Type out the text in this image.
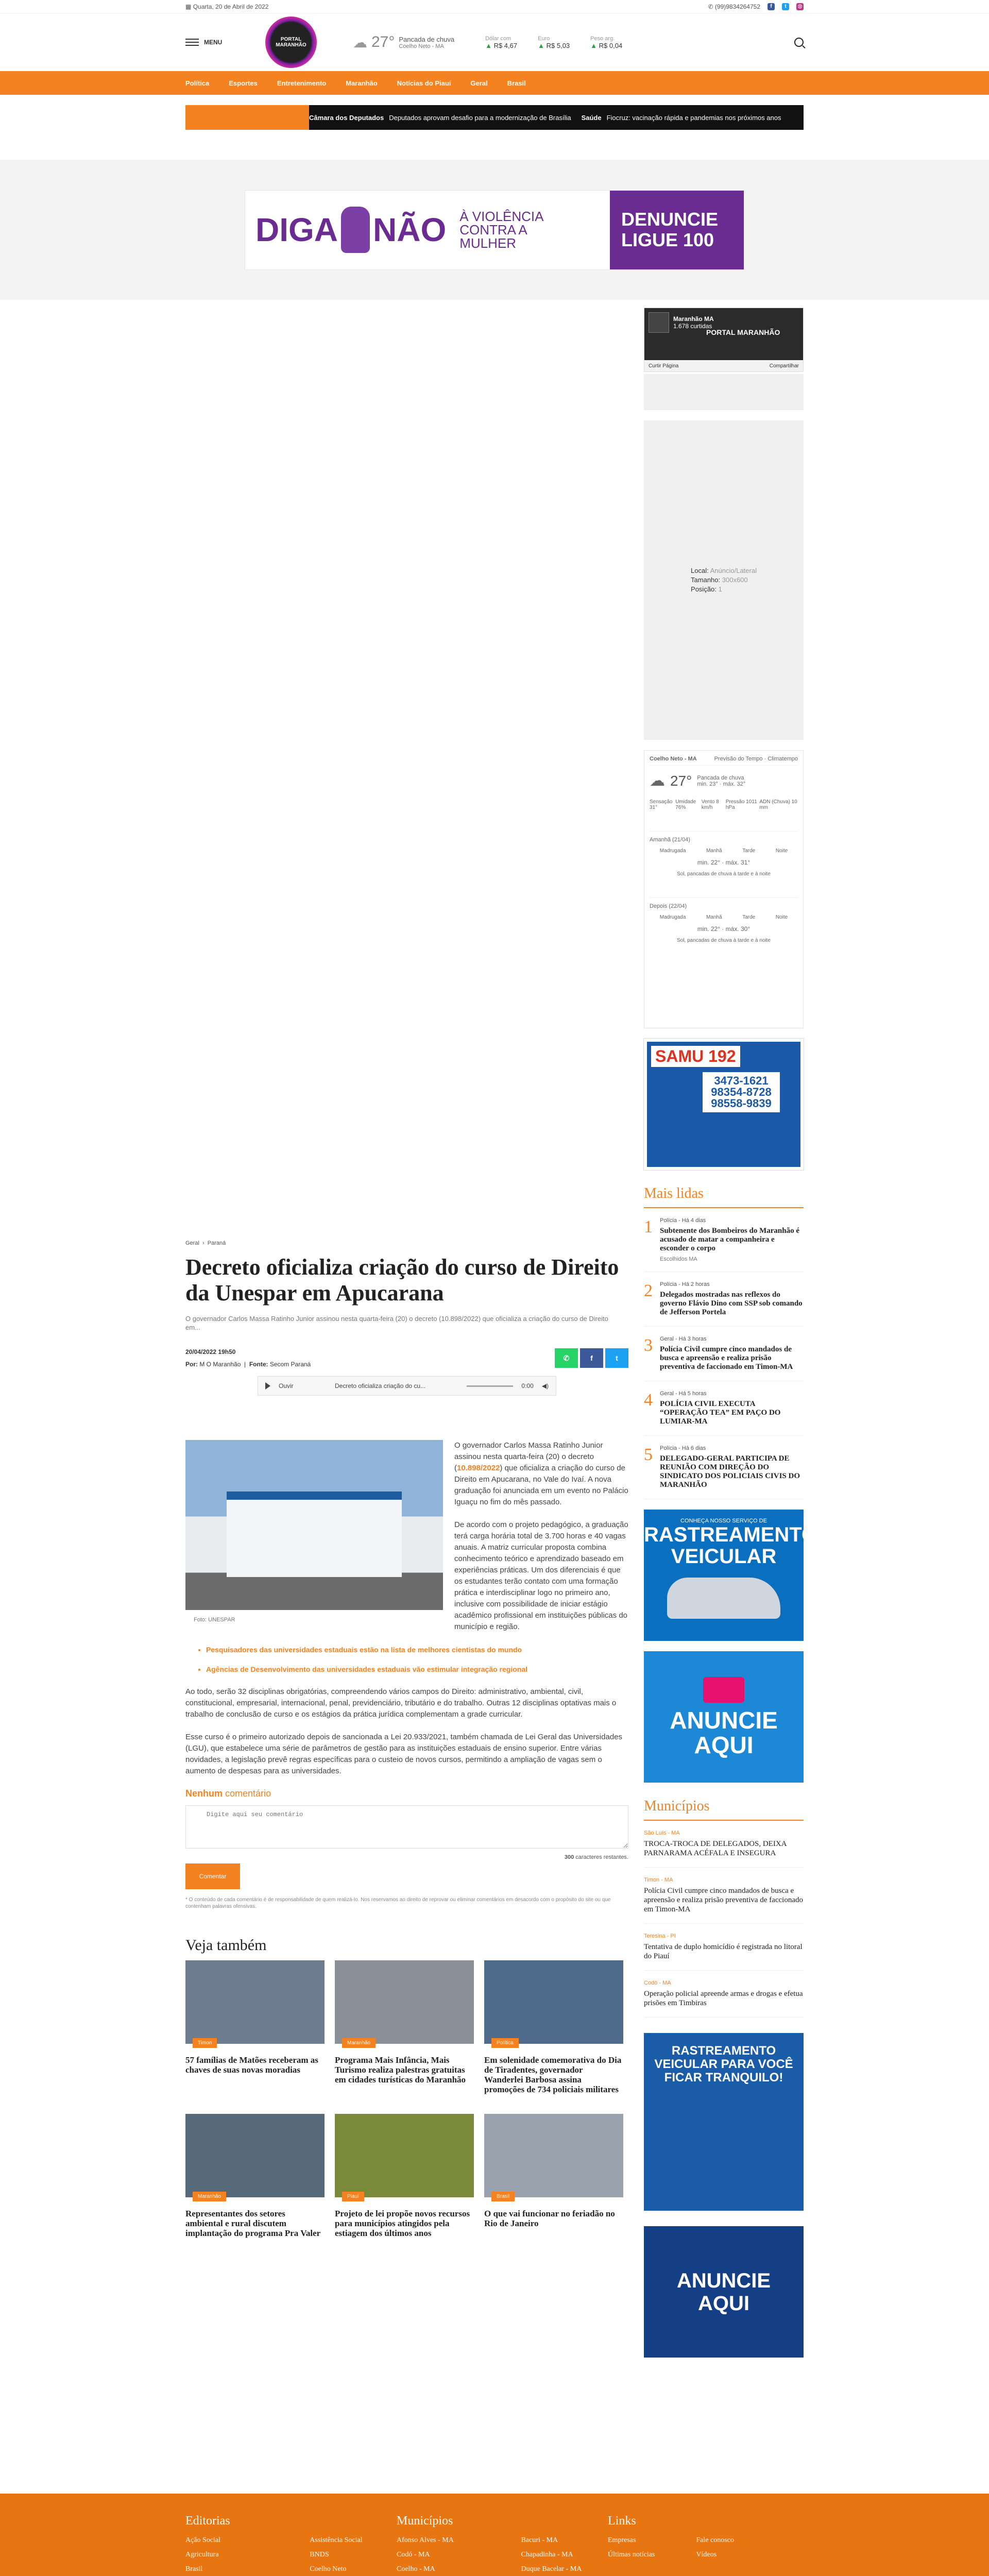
▦ Quarta, 20 de Abril de 2022	✆ (99)9834264752	f	t	◎
MENU	PORTAL MARANHÃO	☁ 27° Pancada de chuva
Coelho Neto - MA
Dólar com
▲ R$ 4,67
Euro
▲ R$ 5,03
Peso arg.
▲ R$ 0,04
Política	Esportes	Entretenimento	Maranhão	Notícias do Piauí	Geral	Brasil
Câmara dos Deputados Deputados aprovam desafio para a modernização de Brasília Saúde Fiocruz: vacinação rápida e pandemias nos próximos anos
DIGA NÃO À VIOLÊNCIA CONTRA A MULHER
DENUNCIE
LIGUE 100
Geral  ›  Paraná
Decreto oficializa criação do curso de Direito da Unespar em Apucarana
O governador Carlos Massa Ratinho Junior assinou nesta quarta-feira (20) o decreto (10.898/2022) que oficializa a criação do curso de Direito em...
20/04/2022 19h50
Por: M O Maranhão  |  Fonte: Secom Paraná
✆	f	t
Ouvir	Decreto oficializa criação do cu...	0:00 ◀)
Foto: UNESPAR

O governador Carlos Massa Ratinho Junior assinou nesta quarta-feira (20) o decreto (10.898/2022) que oficializa a criação do curso de Direito em Apucarana, no Vale do Ivaí. A nova graduação foi anunciada em um evento no Palácio Iguaçu no fim do mês passado.

De acordo com o projeto pedagógico, a graduação terá carga horária total de 3.700 horas e 40 vagas anuais. A matriz curricular proposta combina conhecimento teórico e aprendizado baseado em experiências práticas. Um dos diferenciais é que os estudantes terão contato com uma formação prática e interdisciplinar logo no primeiro ano, inclusive com possibilidade de iniciar estágio acadêmico profissional em instituições públicas do município e região.

• Pesquisadores das universidades estaduais estão na lista de melhores cientistas do mundo
• Agências de Desenvolvimento das universidades estaduais vão estimular integração regional

Ao todo, serão 32 disciplinas obrigatórias, compreendendo vários campos do Direito: administrativo, ambiental, civil, constitucional, empresarial, internacional, penal, previdenciário, tributário e do trabalho. Outras 12 disciplinas optativas mais o trabalho de conclusão de curso e os estágios da prática jurídica complementam a grade curricular.

Esse curso é o primeiro autorizado depois de sancionada a Lei 20.933/2021, também chamada de Lei Geral das Universidades (LGU), que estabelece uma série de parâmetros de gestão para as instituições estaduais de ensino superior. Entre várias novidades, a legislação prevê regras específicas para o custeio de novos cursos, permitindo a ampliação de vagas sem o aumento de despesas para as universidades.

Nenhum comentário
Digite aqui seu comentário
300 caracteres restantes.
Comentar
* O conteúdo de cada comentário é de responsabilidade de quem realizá-lo. Nos reservamos ao direito de reprovar ou eliminar comentários em desacordo com o propósito do site ou que contenham palavras ofensivas.
Veja também
Timon
57 famílias de Matões receberam as chaves de suas novas moradias
Maranhão
Programa Mais Infância, Mais Turismo realiza palestras gratuitas em cidades turísticas do Maranhão
Política
Em solenidade comemorativa do Dia de Tiradentes, governador Wanderlei Barbosa assina promoções de 734 policiais militares
Maranhão
Representantes dos setores ambiental e rural discutem implantação do programa Pra Valer
Piauí
Projeto de lei propõe novos recursos para municípios atingidos pela estiagem dos últimos anos
Brasil
O que vai funcionar no feriadão no Rio de Janeiro
Maranhão MA
1.678 curtidas
PORTAL MARANHÃO
Curtir Página	Compartilhar
Local: Anúncio/Lateral
Tamanho: 300x600
Posição: 1
Coelho Neto - MA	Previsão do Tempo · Climatempo
☁ 27° Pancada de chuva
min. 23° · máx. 32°
Sensação 31°
Umidade 76%
Vento 8 km/h
Pressão 1011 hPa
ADN (Chuva) 10 mm
Amanhã (21/04)
Madrugada	Manhã	Tarde	Noite
min. 22° · máx. 31°
Sol, pancadas de chuva à tarde e à noite
Depois (22/04)
Madrugada	Manhã	Tarde	Noite
min. 22° · máx. 30°
Sol, pancadas de chuva à tarde e à noite
SAMU 192
3473-1621 98354-8728 98558-9839
Mais lidas
1 Polícia - Há 4 dias
Subtenente dos Bombeiros do Maranhão é acusado de matar a companheira e esconder o corpo
Escolhidos MA
2 Polícia - Há 2 horas
Delegados mostradas nas reflexos do governo Flávio Dino com SSP sob comando de Jefferson Portela
3 Geral - Há 3 horas
Polícia Civil cumpre cinco mandados de busca e apreensão e realiza prisão preventiva de faccionado em Timon-MA
4 Geral - Há 5 horas
POLÍCIA CIVIL EXECUTA “OPERAÇÃO TEA” EM PAÇO DO LUMIAR-MA
5 Polícia - Há 6 dias
DELEGADO-GERAL PARTICIPA DE REUNIÃO COM DIREÇÃO DO SINDICATO DOS POLICIAIS CIVIS DO MARANHÃO
CONHEÇA NOSSO SERVIÇO DE
RASTREAMENTO VEICULAR
ANUNCIE
AQUI
Municípios
São Luís - MA
TROCA-TROCA DE DELEGADOS, DEIXA PARNARAMA ACÉFALA E INSEGURA
Timon - MA
Polícia Civil cumpre cinco mandados de busca e apreensão e realiza prisão preventiva de faccionado em Timon-MA
Teresina - PI
Tentativa de duplo homicídio é registrada no litoral do Piauí
Codó - MA
Operação policial apreende armas e drogas e efetua prisões em Timbiras
RASTREAMENTO VEICULAR PARA VOCÊ FICAR TRANQUILO!
ANUNCIE
AQUI
Editorias
Ação Social
Agricultura
Brasil
Assistência Social
BNDS
Coelho Neto
Municípios
Afonso Alves - MA
Codó - MA
Coelho - MA
Bacuri - MA
Chapadinha - MA
Duque Bacelar - MA
Links
Empresas
Últimas notícias
Fale conosco
Vídeos
